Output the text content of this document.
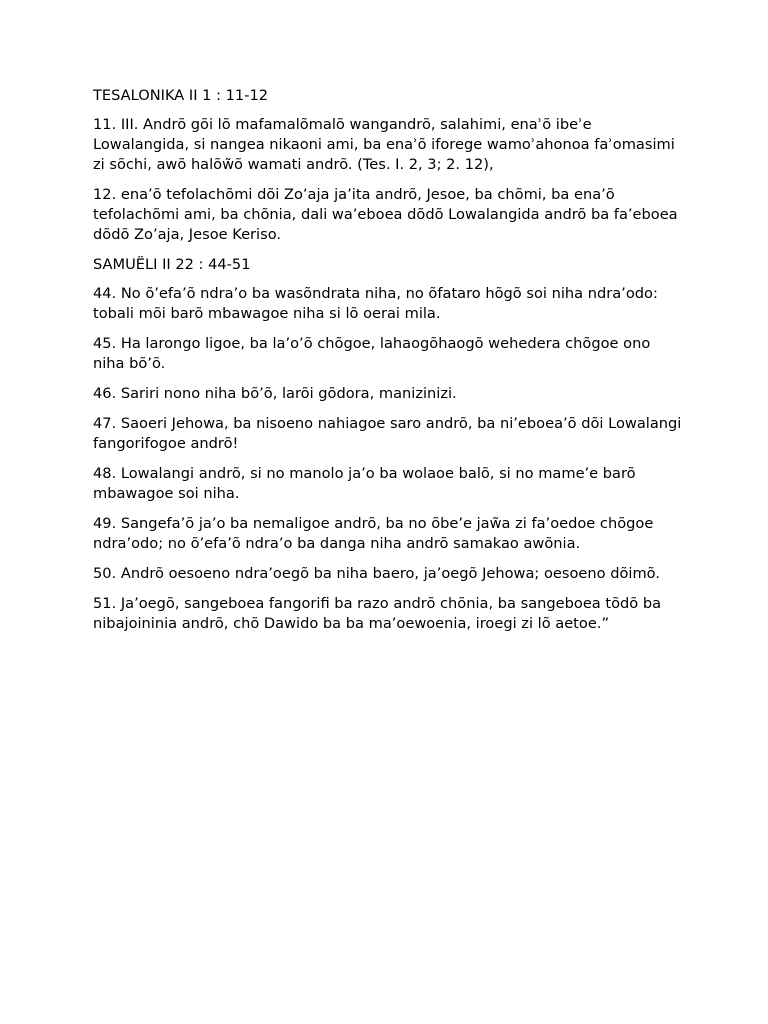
TESALONIKA II 1 : 11-12

11. III. Andrõ gõi lõ mafamalõmalõ wangandrõ, salahimi, enaʾõ ibeʾe Lowalangida, si nangea nikaoni ami, ba enaʾõ iforege wamoʾahonoa faʾomasimi zi sõchi, awõ halõw̃õ wamati andrõ. (Tes. I. 2, 3; 2. 12),

12. ena’õ tefolachõmi dõi Zo’aja ja’ita andrõ, Jesoe, ba chõmi, ba ena’õ tefolachõmi ami, ba chõnia, dali wa’eboea dõdõ Lowalangida andrõ ba fa’eboea dõdõ Zo’aja, Jesoe Keriso.

SAMUËLI II 22 : 44-51

44. No õ’efa’õ ndra’o ba wasõndrata niha, no õfataro hõgõ soi niha ndra’odo: tobali mõi barõ mbawagoe niha si lõ oerai mila.

45. Ha larongo ligoe, ba la’o’õ chõgoe, lahaogõhaogõ wehedera chõgoe ono niha bõ’õ.

46. Sariri nono niha bõ’õ, larõi gõdora, manizinizi.

47. Saoeri Jehowa, ba nisoeno nahiagoe saro andrõ, ba ni’eboea’õ dõi Lowalangi fangorifogoe andrõ!

48. Lowalangi andrõ, si no manolo ja’o ba wolaoe balõ, si no mame’e barõ mbawagoe soi niha.

49. Sangefa’õ ja’o ba nemaligoe andrõ, ba no õbe’e jaw̃a zi fa’oedoe chõgoe ndra’odo; no õ’efa’õ ndra’o ba danga niha andrõ samakao awõnia.

50. Andrõ oesoeno ndra’oegõ ba niha baero, ja’oegõ Jehowa; oesoeno dõimõ.

51. Ja’oegõ, sangeboea fangorifi ba razo andrõ chõnia, ba sangeboea tõdõ ba nibajoininia andrõ, chõ Dawido ba ba ma’oewoenia, iroegi zi lõ aetoe.”
